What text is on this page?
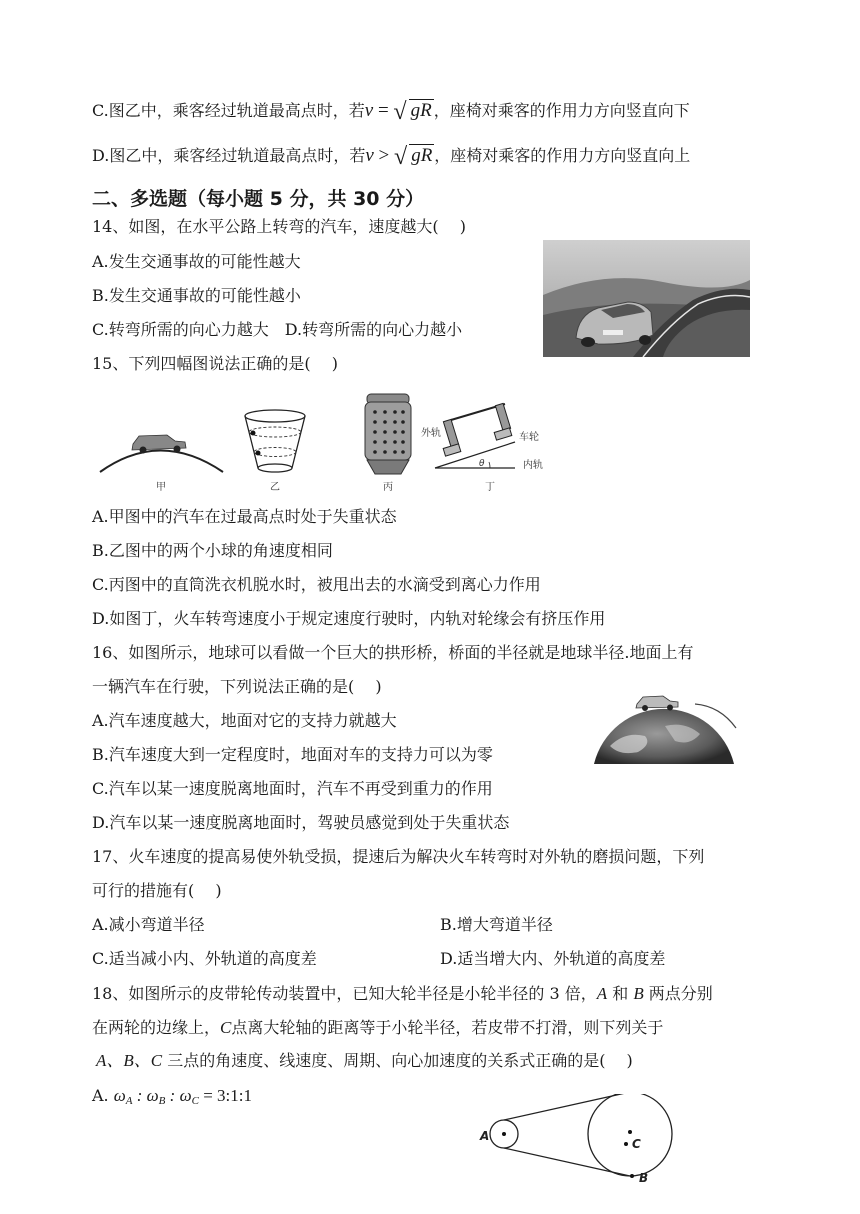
C.图乙中，乘客经过轨道最高点时，若v = √ gR ，座椅对乘客的作用力方向竖直向下
D.图乙中，乘客经过轨道最高点时，若v > √ gR ，座椅对乘客的作用力方向竖直向上
二、多选题（每小题 5 分，共 30 分）
14、如图，在水平公路上转弯的汽车，速度越大(　 )
A.发生交通事故的可能性越大
B.发生交通事故的可能性越小
C.转弯所需的向心力越大　D.转弯所需的向心力越小
15、下列四幅图说法正确的是(　 )
甲	乙	丙
外轨	车轮
内轨
θ
丁
A.甲图中的汽车在过最高点时处于失重状态
B.乙图中的两个小球的角速度相同
C.丙图中的直筒洗衣机脱水时，被甩出去的水滴受到离心力作用
D.如图丁，火车转弯速度小于规定速度行驶时，内轨对轮缘会有挤压作用
16、如图所示，地球可以看做一个巨大的拱形桥，桥面的半径就是地球半径.地面上有
一辆汽车在行驶，下列说法正确的是(　 )
A.汽车速度越大，地面对它的支持力就越大
B.汽车速度大到一定程度时，地面对车的支持力可以为零
C.汽车以某一速度脱离地面时，汽车不再受到重力的作用
D.汽车以某一速度脱离地面时，驾驶员感觉到处于失重状态
17、火车速度的提高易使外轨受损，提速后为解决火车转弯时对外轨的磨损问题，下列
可行的措施有(　 )
A.减小弯道半径	B.增大弯道半径
C.适当减小内、外轨道的高度差	D.适当增大内、外轨道的高度差
18、如图所示的皮带轮传动装置中，已知大轮半径是小轮半径的 3 倍，A 和 B 两点分别
在两轮的边缘上，C点离大轮轴的距离等于小轮半径，若皮带不打滑，则下列关于
A、B、C 三点的角速度、线速度、周期、向心加速度的关系式正确的是(　 )
A. $\omega_A$ : $\omega_B$ : $\omega_C$ = 3:1:1
A
C
B
